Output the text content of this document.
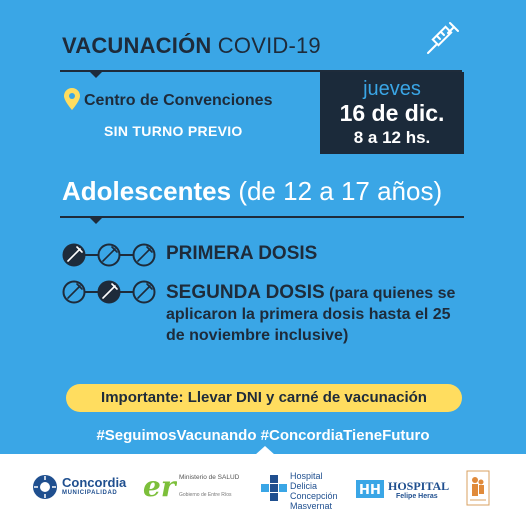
VACUNACIÓN COVID-19
Centro de Convenciones
SIN TURNO PREVIO
jueves
16 de dic.
8 a 12 hs.
Adolescentes (de 12 a 17 años)
PRIMERA DOSIS
SEGUNDA DOSIS (para quienes se aplicaron la primera dosis hasta el 25 de noviembre inclusive)
Importante: Llevar DNI y carné de vacunación
#SeguimosVacunando #ConcordiaTieneFuturo
Concordia
MUNICIPALIDAD er Ministerio de SALUD
Gobierno de Entre Ríos
Hospital Delicia Concepción Masvernat
H H HOSPITAL
Felipe Heras
